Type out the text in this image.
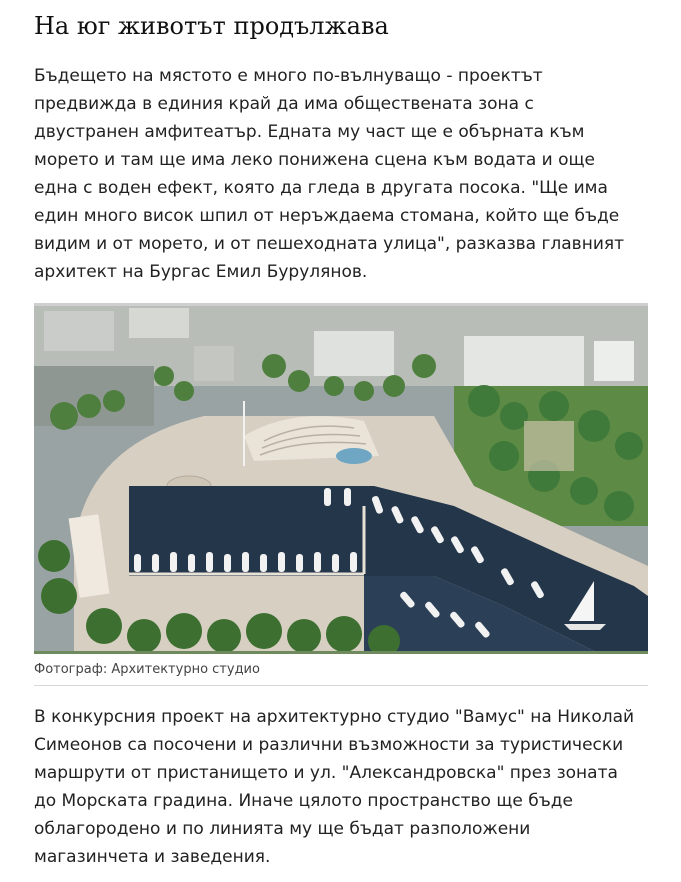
На юг животът продължава

Бъдещето на мястото е много по-вълнуващо - проектът
предвижда в единия край да има обществената зона с
двустранен амфитеатър. Едната му част ще е обърната към
морето и там ще има леко понижена сцена към водата и още
една с воден ефект, която да гледа в другата посока. "Ще има
един много висок шпил от неръждаема стомана, който ще бъде
видим и от морето, и от пешеходната улица", разказва главният
архитект на Бургас Емил Бурулянов.

Фотограф: Архитектурно студио

В конкурсния проект на архитектурно студио "Вамус" на Николай
Симеонов са посочени и различни възможности за туристически
маршрути от пристанището и ул. "Александровска" през зоната
до Морската градина. Иначе цялото пространство ще бъде
облагородено и по линията му ще бъдат разположени
магазинчета и заведения.
